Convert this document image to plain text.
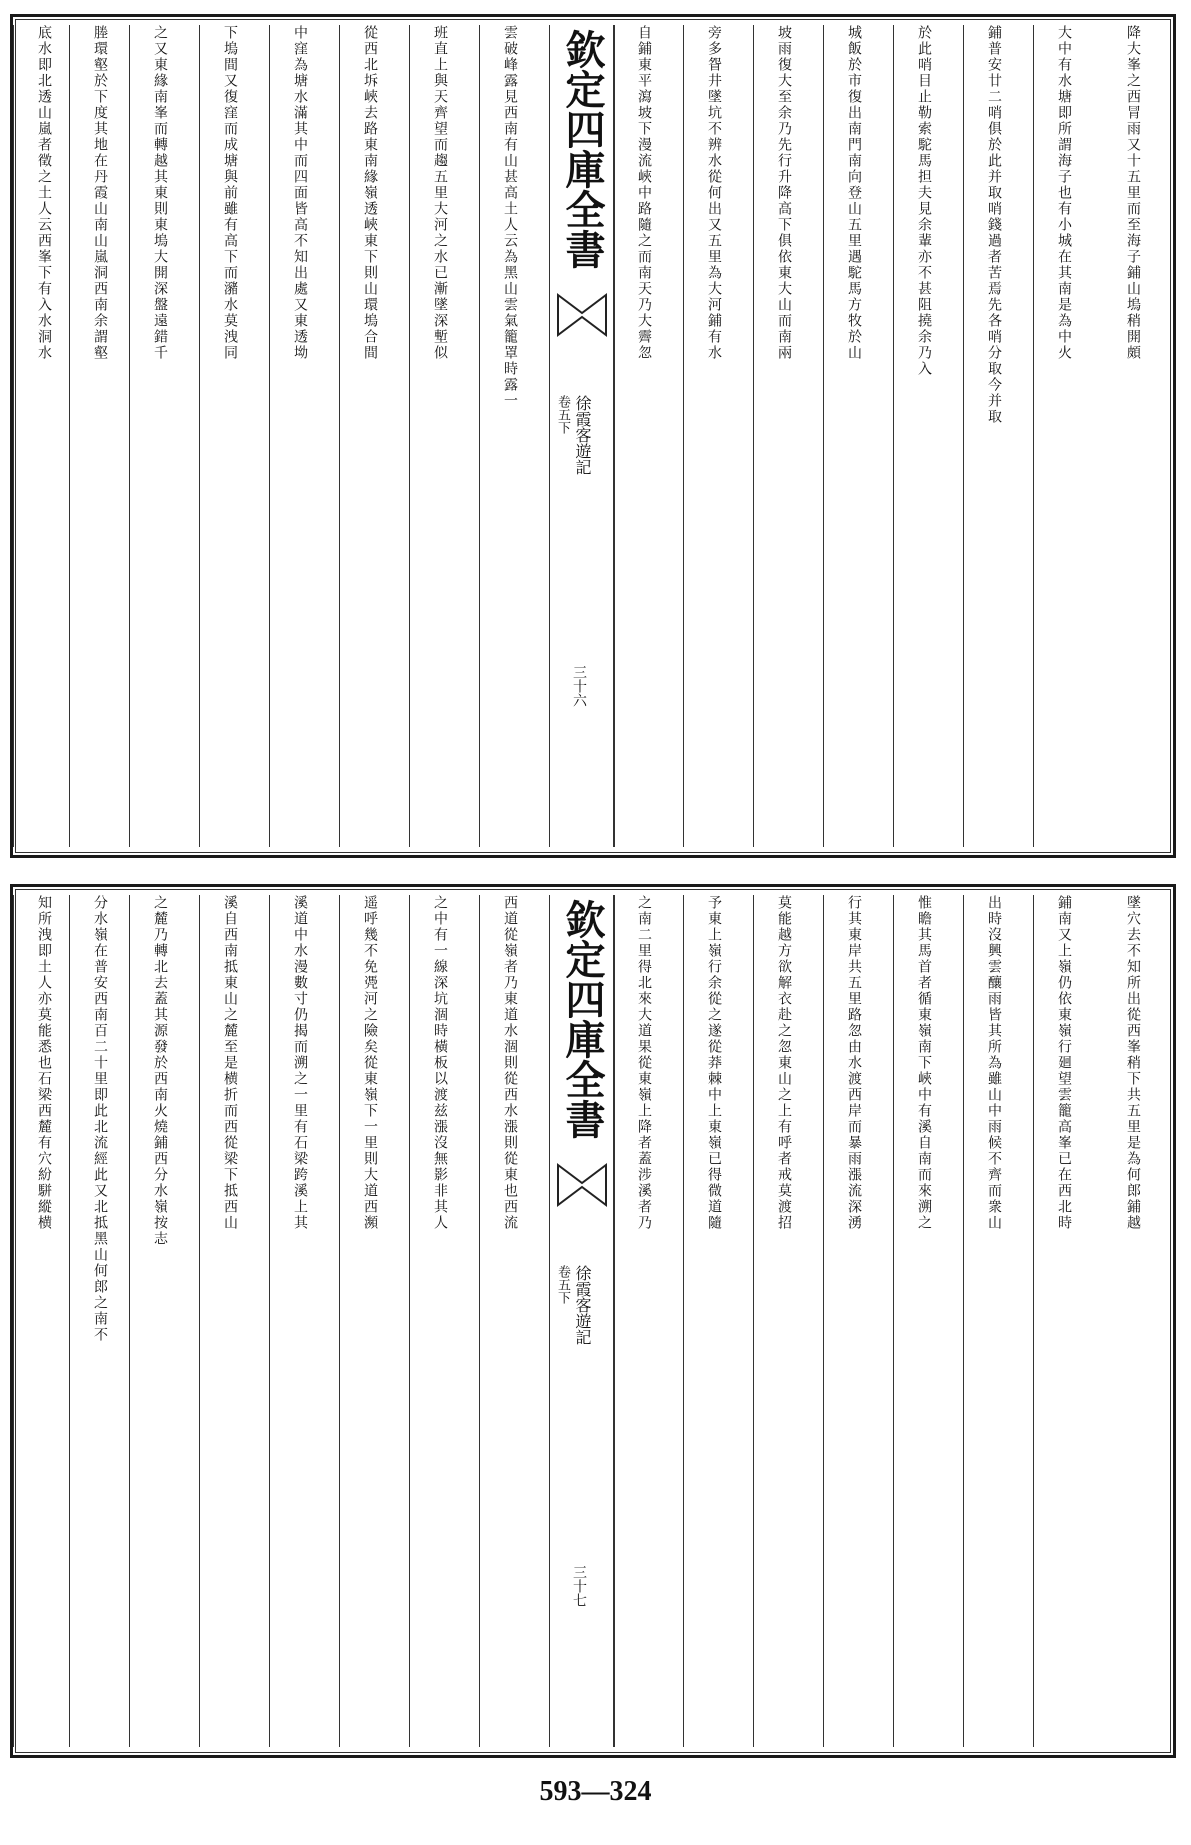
降大峯之西冐雨又十五里而至海子鋪山塢稍開頗
大中有水塘即所謂海子也有小城在其南是為中火
鋪普安廿二哨俱於此并取哨錢過者苦焉先各哨分取今并取
於此哨目止勒索駝馬担夫見余輩亦不甚阻撓余乃入
城飯於市復出南門南向登山五里遇駝馬方牧於山
坡雨復大至余乃先行升降高下俱依東大山而南兩
旁多眢井墜坑不辨水從何出又五里為大河鋪有水
自鋪東平瀉坡下漫流峽中路隨之而南天乃大霽忽
欽定四庫全書
徐霞客遊記
卷五下
三十六
雲破峰露見西南有山甚高土人云為黑山雲氣籠罩時露一
班直上與天齊望而趨五里大河之水已漸墜深塹似
從西北坼峽去路東南緣嶺透峽東下則山環塢合間
中窪為塘水滿其中而四面皆高不知出處又東透坳
下塢間又復窪而成塘與前雖有高下而瀦水莫洩同
之又東緣南峯而轉越其東則東塢大開深盤遠錯千
塍環壑於下度其地在丹霞山南山嵐洞西南余謂壑
底水即北透山嵐者徵之土人云西峯下有入水洞水
墜穴去不知所出從西峯稍下共五里是為何郎鋪越
鋪南又上嶺仍依東嶺行廻望雲籠高峯已在西北時
出時沒興雲釀雨皆其所為雖山中雨候不齊而衆山
惟瞻其馬首者循東嶺南下峽中有溪自南而來溯之
行其東岸共五里路忽由水渡西岸而暴雨漲流深湧
莫能越方欲解衣赴之忽東山之上有呼者戒莫渡招
予東上嶺行余從之遂從莽棘中上東嶺已得微道隨
之南二里得北來大道果從東嶺上降者蓋涉溪者乃
欽定四庫全書
徐霞客遊記
卷五下
三十七
西道從嶺者乃東道水涸則從西水漲則從東也西流
之中有一線深坑涸時橫板以渡兹漲沒無影非其人
遥呼幾不免凴河之險矣從東嶺下一里則大道西瀕
溪道中水漫數寸仍揭而溯之一里有石梁跨溪上其
溪自西南抵東山之麓至是横折而西從梁下抵西山
之麓乃轉北去蓋其源發於西南火燒鋪西分水嶺按志
分水嶺在普安西南百二十里即此北流經此又北抵黑山何郎之南不
知所洩即土人亦莫能悉也石梁西麓有穴紛駢縱横
593—324
